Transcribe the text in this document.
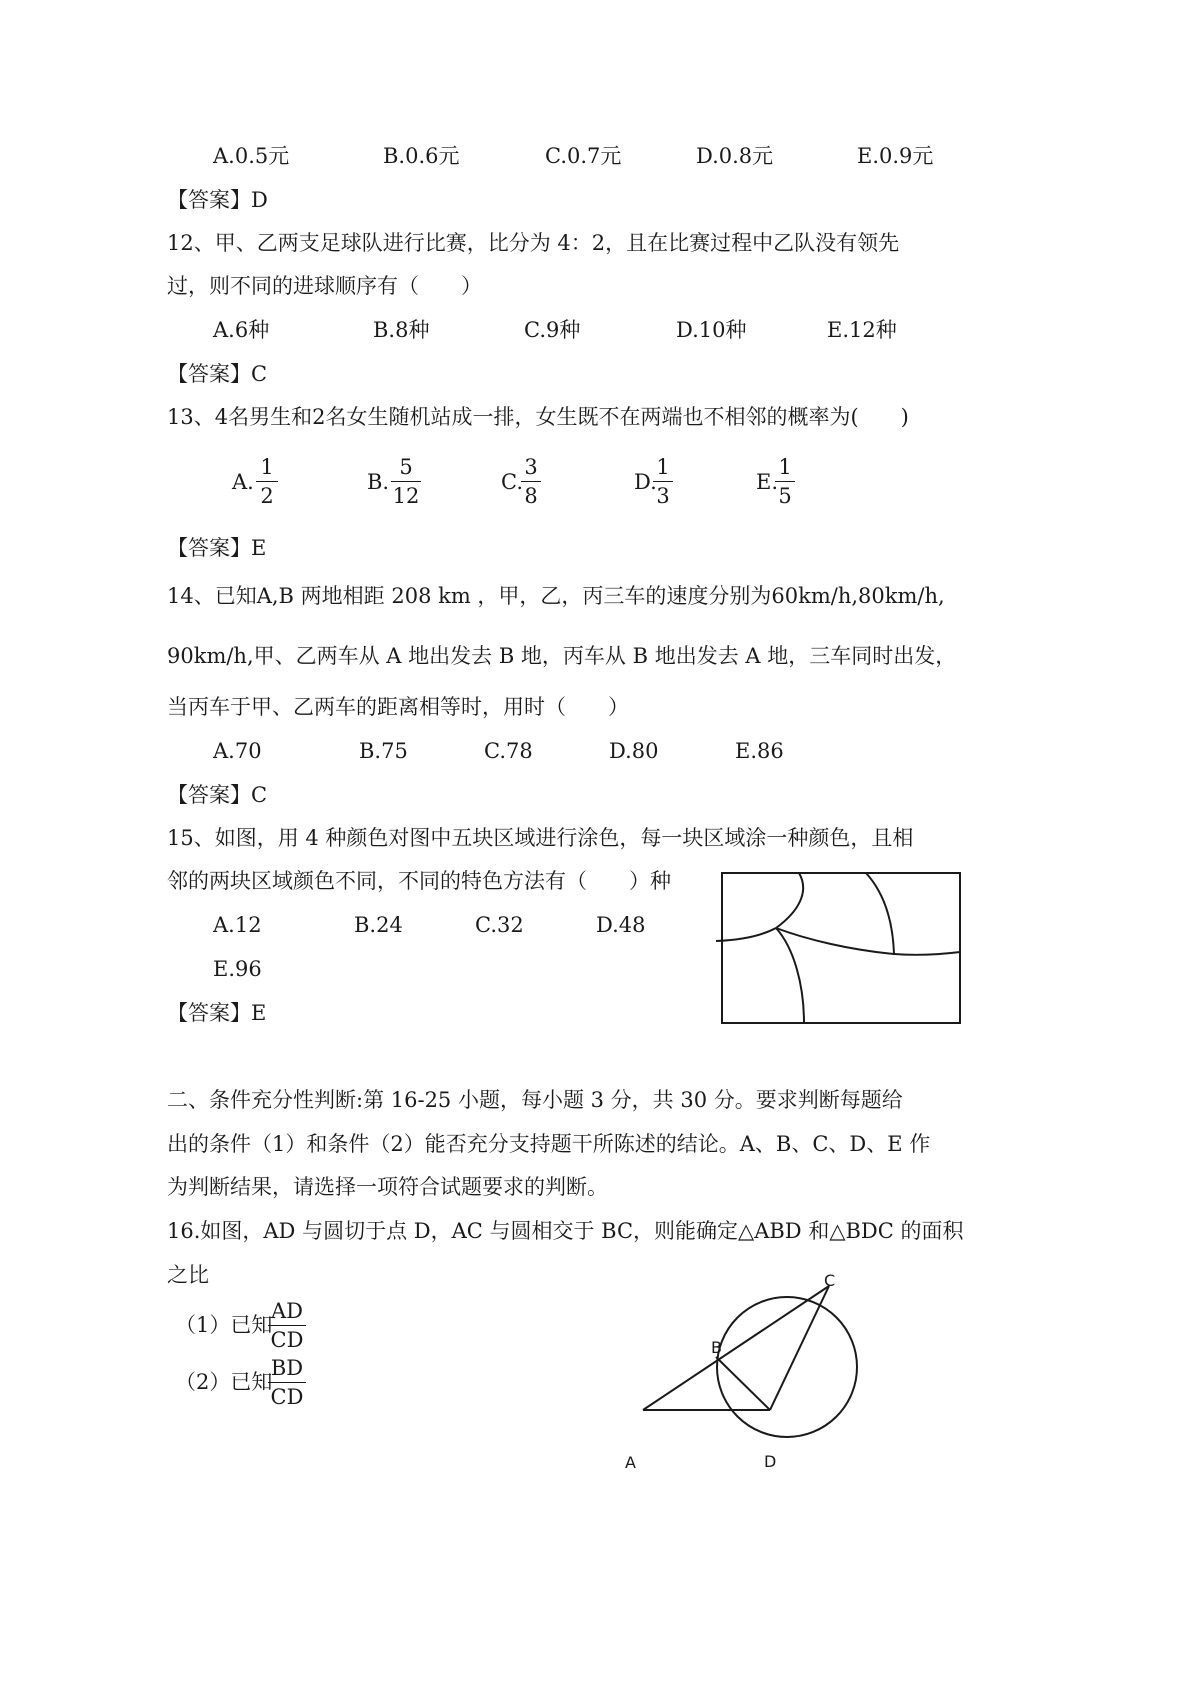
A.0.5元	B.0.6元	C.0.7元	D.0.8元	E.0.9元
【答案】D
12、甲、乙两支足球队进行比赛，比分为 4：2，且在比赛过程中乙队没有领先
过，则不同的进球顺序有（　　）
A.6种	B.8种	C.9种	D.10种	E.12种
【答案】C
13、4名男生和2名女生随机站成一排，女生既不在两端也不相邻的概率为(　　)
A.
1
2
B.
5
12
C.
3
8
D.
1
3
E.
1
5
【答案】E
14、已知A,B 两地相距 208 km ，甲，乙，丙三车的速度分别为60km/h,80km/h,
90km/h,甲、乙两车从 A 地出发去 B 地，丙车从 B 地出发去 A 地，三车同时出发，
当丙车于甲、乙两车的距离相等时，用时（　　）
A.70	B.75	C.78	D.80	E.86
【答案】C
15、如图，用 4 种颜色对图中五块区域进行涂色，每一块区域涂一种颜色，且相
邻的两块区域颜色不同，不同的特色方法有（　　）种
A.12	B.24	C.32	D.48
E.96
【答案】E
二、条件充分性判断:第 16-25 小题，每小题 3 分，共 30 分。要求判断每题给
出的条件（1）和条件（2）能否充分支持题干所陈述的结论。A、B、C、D、E 作
为判断结果，请选择一项符合试题要求的判断。
16.如图，AD 与圆切于点 D，AC 与圆相交于 BC，则能确定△ABD 和△BDC 的面积
之比
（1）已知
AD
CD
（2）已知
BD
CD
A
B
C
D
